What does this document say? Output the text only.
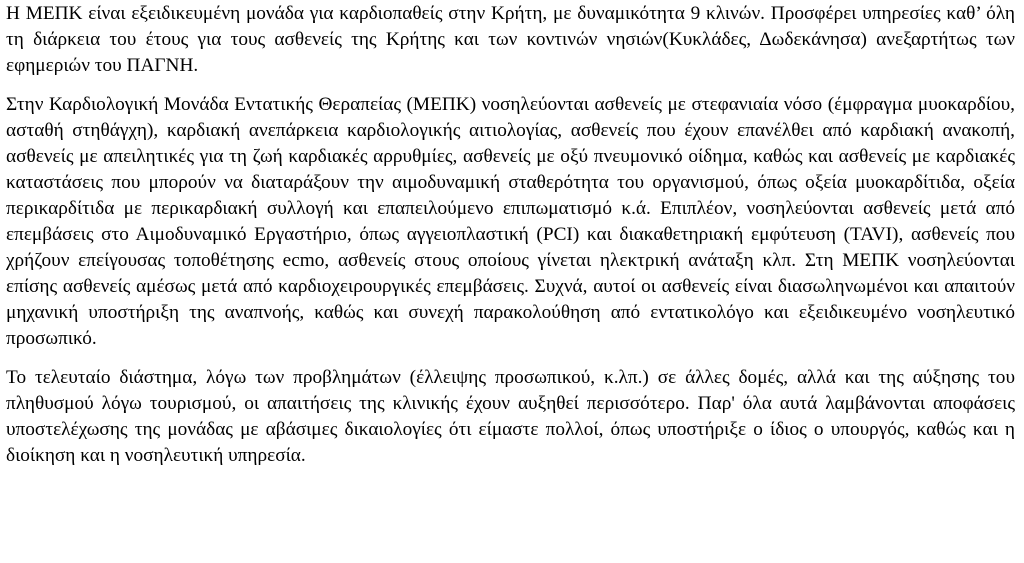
Η ΜΕΠΚ είναι εξειδικευμένη μονάδα για καρδιοπαθείς στην Κρήτη, με δυναμικότητα 9 κλινών. Προσφέρει υπηρεσίες καθ’ όλη τη διάρκεια του έτους για τους ασθενείς της Κρήτης και των κοντινών νησιών(Κυκλάδες, Δωδεκάνησα) ανεξαρτήτως των εφημεριών του ΠΑΓΝΗ.

Στην Καρδιολογική Μονάδα Εντατικής Θεραπείας (ΜΕΠΚ) νοσηλεύονται ασθενείς με στεφανιαία νόσο (έμφραγμα μυοκαρδίου, ασταθή στηθάγχη), καρδιακή ανεπάρκεια καρδιολογικής αιτιολογίας, ασθενείς που έχουν επανέλθει από καρδιακή ανακοπή, ασθενείς με απειλητικές για τη ζωή καρδιακές αρρυθμίες, ασθενείς με οξύ πνευμονικό οίδημα, καθώς και ασθενείς με καρδιακές καταστάσεις που μπορούν να διαταράξουν την αιμοδυναμική σταθερότητα του οργανισμού, όπως οξεία μυοκαρδίτιδα, οξεία περικαρδίτιδα με περικαρδιακή συλλογή και επαπειλούμενο επιπωματισμό κ.ά. Επιπλέον, νοσηλεύονται ασθενείς μετά από επεμβάσεις στο Αιμοδυναμικό Εργαστήριο, όπως αγγειοπλαστική (PCI) και διακαθετηριακή εμφύτευση (TAVI), ασθενείς που χρήζουν επείγουσας τοποθέτησης ecmo, ασθενείς στους οποίους γίνεται ηλεκτρική ανάταξη κλπ. Στη ΜΕΠΚ νοσηλεύονται επίσης ασθενείς αμέσως μετά από καρδιοχειρουργικές επεμβάσεις. Συχνά, αυτοί οι ασθενείς είναι διασωληνωμένοι και απαιτούν μηχανική υποστήριξη της αναπνοής, καθώς και συνεχή παρακολούθηση από εντατικολόγο και εξειδικευμένο νοσηλευτικό προσωπικό.

Το τελευταίο διάστημα, λόγω των προβλημάτων (έλλειψης προσωπικού, κ.λπ.) σε άλλες δομές, αλλά και της αύξησης του πληθυσμού λόγω τουρισμού, οι απαιτήσεις της κλινικής έχουν αυξηθεί περισσότερο. Παρ' όλα αυτά λαμβάνονται αποφάσεις υποστελέχωσης της μονάδας με αβάσιμες δικαιολογίες ότι είμαστε πολλοί, όπως υποστήριξε ο ίδιος ο υπουργός, καθώς και η διοίκηση και η νοσηλευτική υπηρεσία.
